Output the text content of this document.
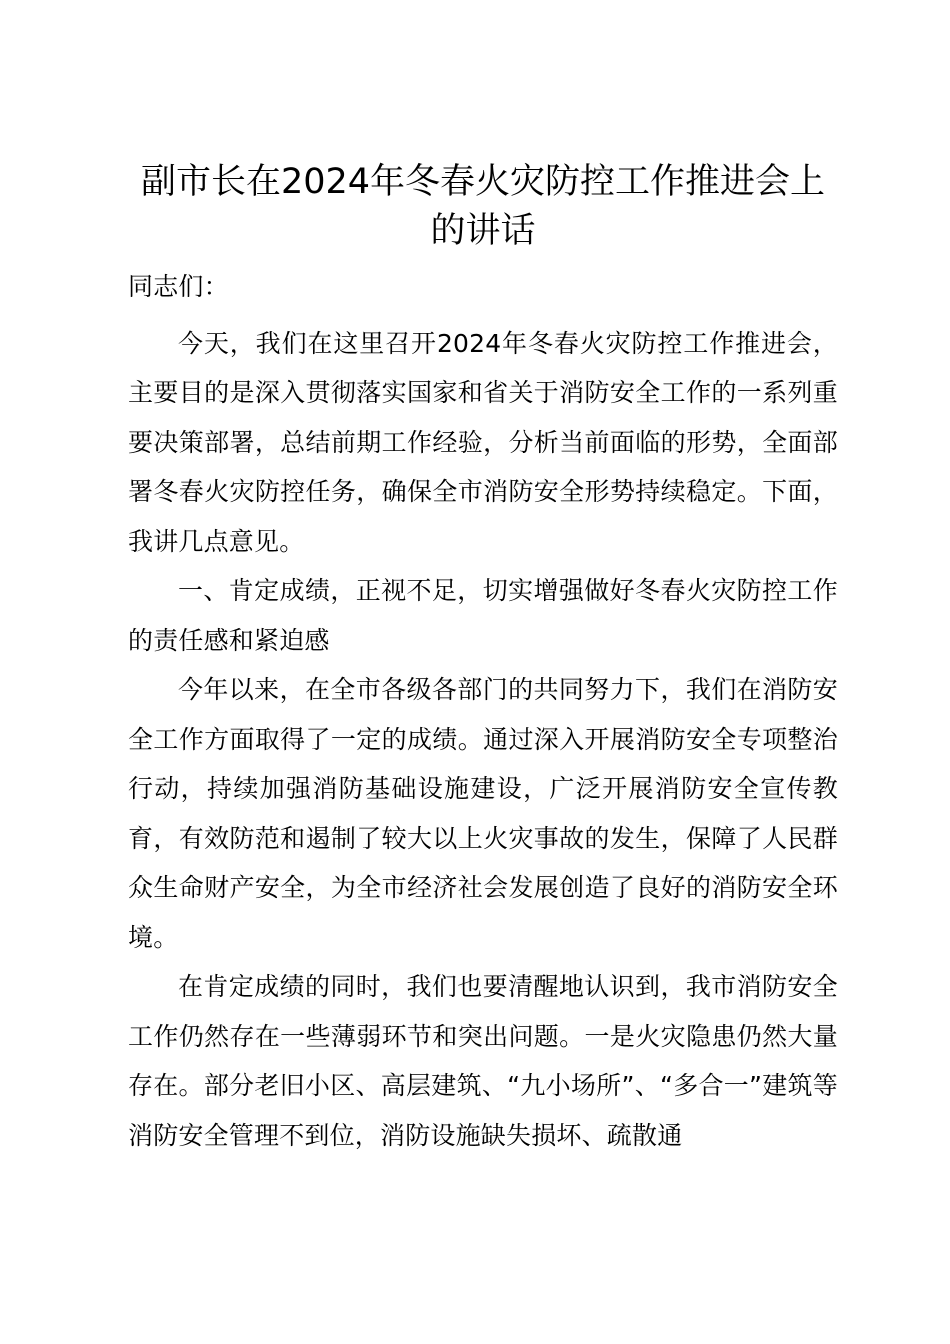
副市长在2024年冬春火灾防控工作推进会上的讲话

同志们：

今天，我们在这里召开2024年冬春火灾防控工作推进会，主要目的是深入贯彻落实国家和省关于消防安全工作的一系列重要决策部署，总结前期工作经验，分析当前面临的形势，全面部署冬春火灾防控任务，确保全市消防安全形势持续稳定。下面，我讲几点意见。

一、肯定成绩，正视不足，切实增强做好冬春火灾防控工作的责任感和紧迫感

今年以来，在全市各级各部门的共同努力下，我们在消防安全工作方面取得了一定的成绩。通过深入开展消防安全专项整治行动，持续加强消防基础设施建设，广泛开展消防安全宣传教育，有效防范和遏制了较大以上火灾事故的发生，保障了人民群众生命财产安全，为全市经济社会发展创造了良好的消防安全环境。

在肯定成绩的同时，我们也要清醒地认识到，我市消防安全工作仍然存在一些薄弱环节和突出问题。一是火灾隐患仍然大量存在。部分老旧小区、高层建筑、“九小场所”、“多合一”建筑等消防安全管理不到位，消防设施缺失损坏、疏散通
